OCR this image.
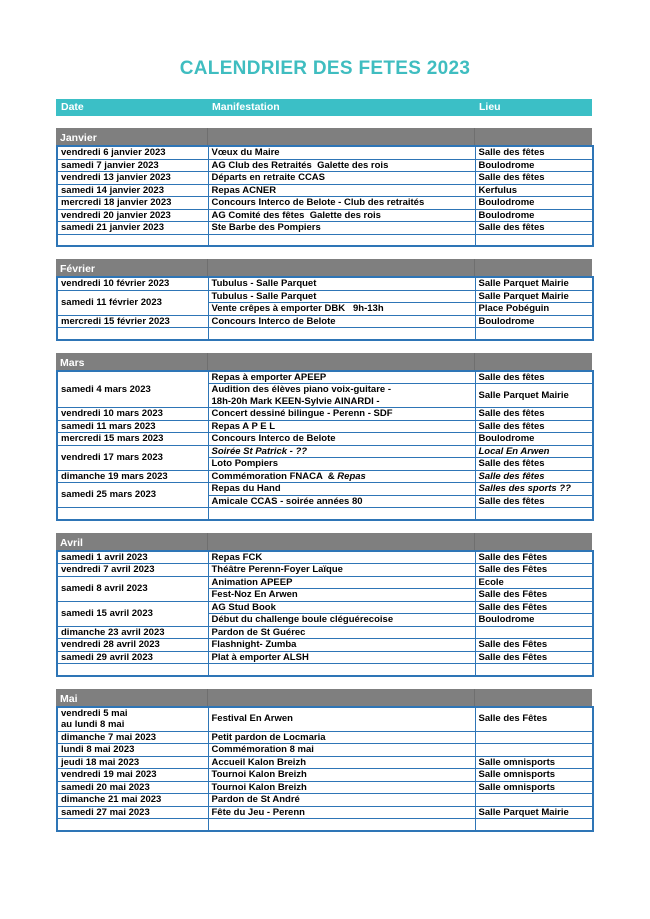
CALENDRIER DES FETES 2023
Date	Manifestation	Lieu
Janvier
vendredi 6 janvier 2023	Vœux du Maire	Salle des fêtes

samedi 7 janvier 2023	AG Club des Retraités  Galette des rois	Boulodrome

vendredi 13 janvier 2023	Départs en retraite CCAS	Salle des fêtes

samedi 14 janvier 2023	Repas ACNER	Kerfulus

mercredi 18 janvier 2023	Concours Interco de Belote - Club des retraités	Boulodrome

vendredi 20 janvier 2023	AG Comité des fêtes  Galette des rois	Boulodrome

samedi 21 janvier 2023	Ste Barbe des Pompiers	Salle des fêtes

Février
vendredi 10 février 2023	Tubulus - Salle Parquet	Salle Parquet Mairie

samedi 11 février 2023	Tubulus - Salle Parquet	Salle Parquet Mairie

	Vente crêpes à emporter DBK   9h-13h	Place Pobéguin

mercredi 15 février 2023	Concours Interco de Belote	Boulodrome

Mars
samedi 4 mars 2023	Repas à emporter APEEP	Salle des fêtes

	Audition des élèves piano voix-guitare -
18h-20h Mark KEEN-Sylvie AINARDI -	Salle Parquet Mairie

vendredi 10 mars 2023	Concert dessiné bilingue - Perenn - SDF	Salle des fêtes

samedi 11 mars 2023	Repas A P E L	Salle des fêtes

mercredi 15 mars 2023	Concours Interco de Belote	Boulodrome

vendredi 17 mars 2023	Soirée St Patrick - ??	Local En Arwen

	Loto Pompiers	Salle des fêtes

dimanche 19 mars 2023	Commémoration FNACA  & Repas	Salle des fêtes

samedi 25 mars 2023	Repas du Hand	Salles des sports ??

	Amicale CCAS - soirée années 80	Salle des fêtes

Avril
samedi 1 avril 2023	Repas FCK	Salle des Fêtes

vendredi 7 avril 2023	Théâtre Perenn-Foyer Laïque	Salle des Fêtes

samedi 8 avril 2023	Animation APEEP	Ecole

	Fest-Noz En Arwen	Salle des Fêtes

samedi 15 avril 2023	AG Stud Book	Salle des Fêtes

	Début du challenge boule cléguérecoise	Boulodrome

dimanche 23 avril 2023	Pardon de St Guérec	

vendredi 28 avril 2023	Flashnight- Zumba	Salle des Fêtes

samedi 29 avril 2023	Plat à emporter ALSH	Salle des Fêtes

Mai
vendredi 5 mai
au lundi 8 mai	Festival En Arwen	Salle des Fêtes

dimanche 7 mai 2023	Petit pardon de Locmaria	

lundi 8 mai 2023	Commémoration 8 mai	

jeudi 18 mai 2023	Accueil Kalon Breizh	Salle omnisports

vendredi 19 mai 2023	Tournoi Kalon Breizh	Salle omnisports

samedi 20 mai 2023	Tournoi Kalon Breizh	Salle omnisports

dimanche 21 mai 2023	Pardon de St André	

samedi 27 mai 2023	Fête du Jeu - Perenn	Salle Parquet Mairie
